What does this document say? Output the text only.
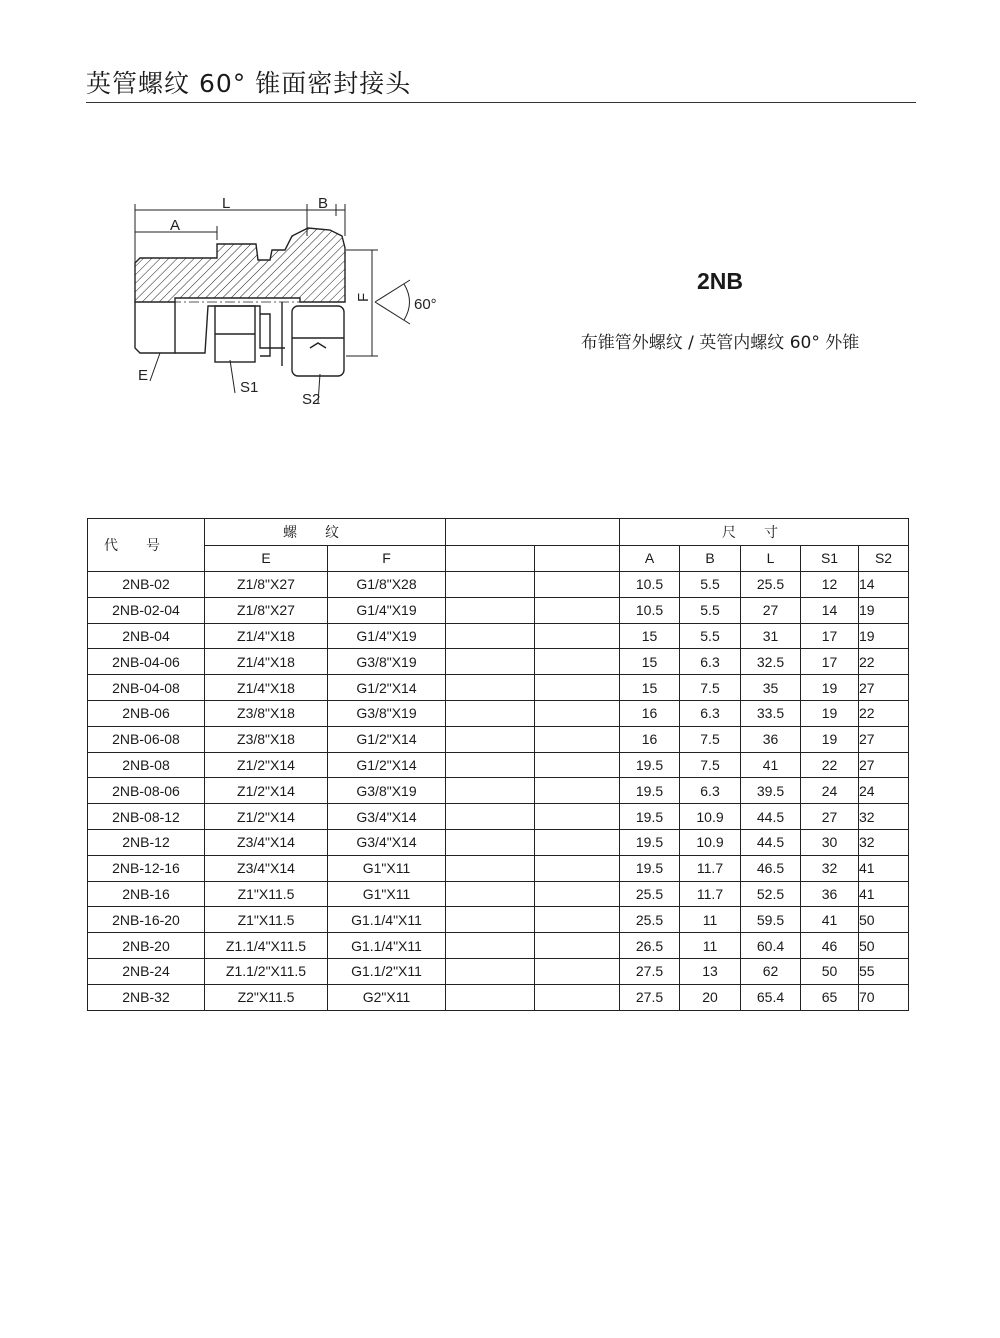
英管螺纹 60° 锥面密封接头
L	B
A
F	60°
E
S1
S2
2NB
布锥管外螺纹 / 英管内螺纹 60° 外锥
代号	螺纹				尺寸				
	E	F			A	B	L	S1	S2
2NB-02	Z1/8"X27	G1/8"X28			10.5	5.5	25.5	12	14
2NB-02-04	Z1/8"X27	G1/4"X19			10.5	5.5	27	14	19
2NB-04	Z1/4"X18	G1/4"X19			15	5.5	31	17	19
2NB-04-06	Z1/4"X18	G3/8"X19			15	6.3	32.5	17	22
2NB-04-08	Z1/4"X18	G1/2"X14			15	7.5	35	19	27
2NB-06	Z3/8"X18	G3/8"X19			16	6.3	33.5	19	22
2NB-06-08	Z3/8"X18	G1/2"X14			16	7.5	36	19	27
2NB-08	Z1/2"X14	G1/2"X14			19.5	7.5	41	22	27
2NB-08-06	Z1/2"X14	G3/8"X19			19.5	6.3	39.5	24	24
2NB-08-12	Z1/2"X14	G3/4"X14			19.5	10.9	44.5	27	32
2NB-12	Z3/4"X14	G3/4"X14			19.5	10.9	44.5	30	32
2NB-12-16	Z3/4"X14	G1"X11			19.5	11.7	46.5	32	41
2NB-16	Z1"X11.5	G1"X11			25.5	11.7	52.5	36	41
2NB-16-20	Z1"X11.5	G1.1/4"X11			25.5	11	59.5	41	50
2NB-20	Z1.1/4"X11.5	G1.1/4"X11			26.5	11	60.4	46	50
2NB-24	Z1.1/2"X11.5	G1.1/2"X11			27.5	13	62	50	55
2NB-32	Z2"X11.5	G2"X11			27.5	20	65.4	65	70
